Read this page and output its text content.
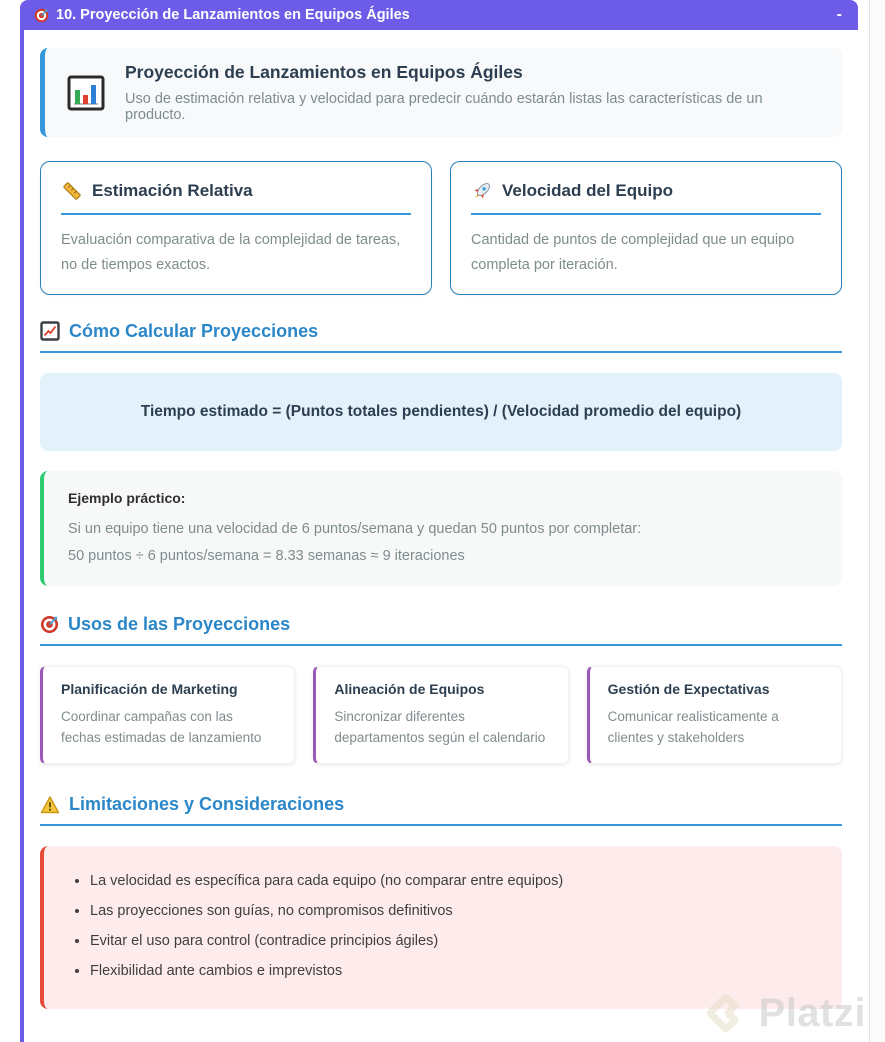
10. Proyección de Lanzamientos en Equipos Ágiles	-
Proyección de Lanzamientos en Equipos Ágiles

Uso de estimación relativa y velocidad para predecir cuándo estarán listas las características de un producto.

Estimación Relativa

Evaluación comparativa de la complejidad de tareas, no de tiempos exactos.

Velocidad del Equipo

Cantidad de puntos de complejidad que un equipo completa por iteración.

Cómo Calcular Proyecciones
Tiempo estimado = (Puntos totales pendientes) / (Velocidad promedio del equipo)
Ejemplo práctico:

Si un equipo tiene una velocidad de 6 puntos/semana y quedan 50 puntos por completar:

50 puntos ÷ 6 puntos/semana = 8.33 semanas ≈ 9 iteraciones

Usos de las Proyecciones
Planificación de Marketing

Coordinar campañas con las fechas estimadas de lanzamiento

Alineación de Equipos

Sincronizar diferentes departamentos según el calendario

Gestión de Expectativas

Comunicar realisticamente a clientes y stakeholders

Limitaciones y Consideraciones
• La velocidad es específica para cada equipo (no comparar entre equipos)
• Las proyecciones son guías, no compromisos definitivos
• Evitar el uso para control (contradice principios ágiles)
• Flexibilidad ante cambios e imprevistos
Platzi
